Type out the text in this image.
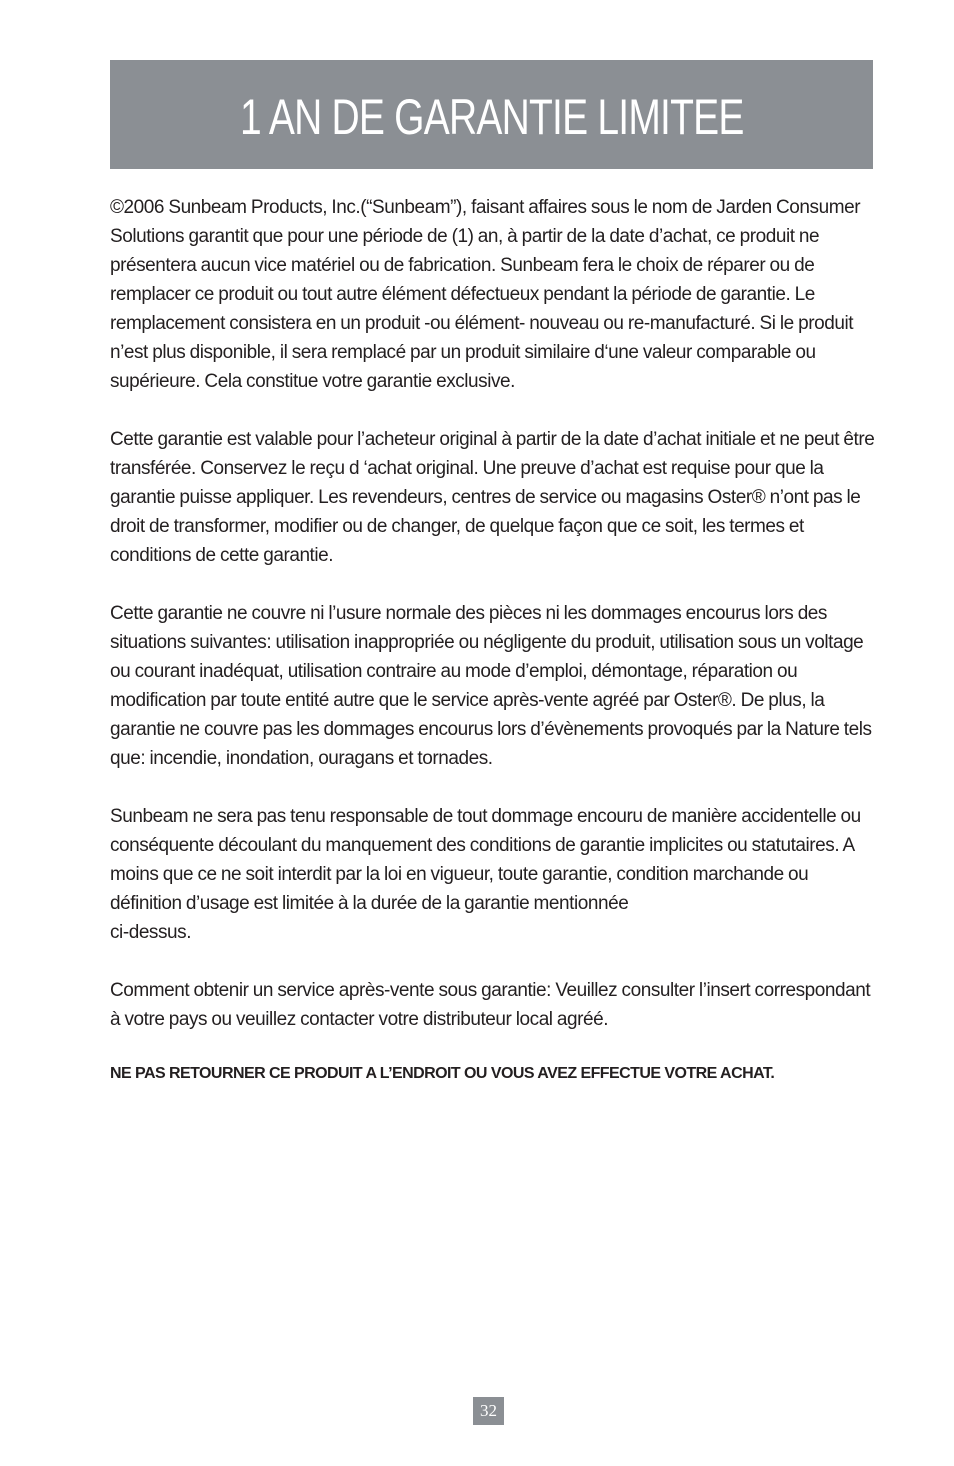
1 AN DE GARANTIE LIMITEE

©2006 Sunbeam Products, Inc.(“Sunbeam”), faisant affaires sous le nom de Jarden Consumer Solutions garantit que pour une période de (1) an, à partir de la date d’achat, ce produit ne présentera aucun vice matériel ou de fabrication. Sunbeam fera le choix de réparer ou de remplacer ce produit ou tout autre élément défectueux pendant la période de garantie. Le remplacement consistera en un produit -ou élément- nouveau ou re-manufacturé. Si le produit n’est plus disponible, il sera remplacé par un produit similaire d‘une valeur comparable ou supérieure. Cela constitue votre garantie exclusive.

Cette garantie est valable pour l’acheteur original à partir de la date d’achat initiale et ne peut être transférée. Conservez le reçu d ‘achat original. Une preuve d’achat est requise pour que la garantie puisse appliquer. Les revendeurs, centres de service ou magasins Oster® n’ont pas le droit de transformer, modifier ou de changer, de quelque façon que ce soit, les termes et conditions de cette garantie.

Cette garantie ne couvre ni l’usure normale des pièces ni les dommages encourus lors des situations suivantes: utilisation inappropriée ou négligente du produit, utilisation sous un voltage ou courant inadéquat, utilisation contraire au mode d’emploi, démontage, réparation ou modification par toute entité autre que le service après-vente agréé par Oster®. De plus, la garantie ne couvre pas les dommages encourus lors d’évènements provoqués par la Nature tels que: incendie, inondation, ouragans et tornades.

Sunbeam ne sera pas tenu responsable de tout dommage encouru de manière accidentelle ou conséquente découlant du manquement des conditions de garantie implicites ou statutaires. A moins que ce ne soit interdit par la loi en vigueur, toute garantie, condition marchande ou définition d’usage est limitée à la durée de la garantie mentionnée
ci-dessus.

Comment obtenir un service après-vente sous garantie: Veuillez consulter l’insert correspondant à votre pays ou veuillez contacter votre distributeur local agréé.

NE PAS RETOURNER CE PRODUIT A L’ENDROIT OU VOUS AVEZ EFFECTUE VOTRE ACHAT.
32
